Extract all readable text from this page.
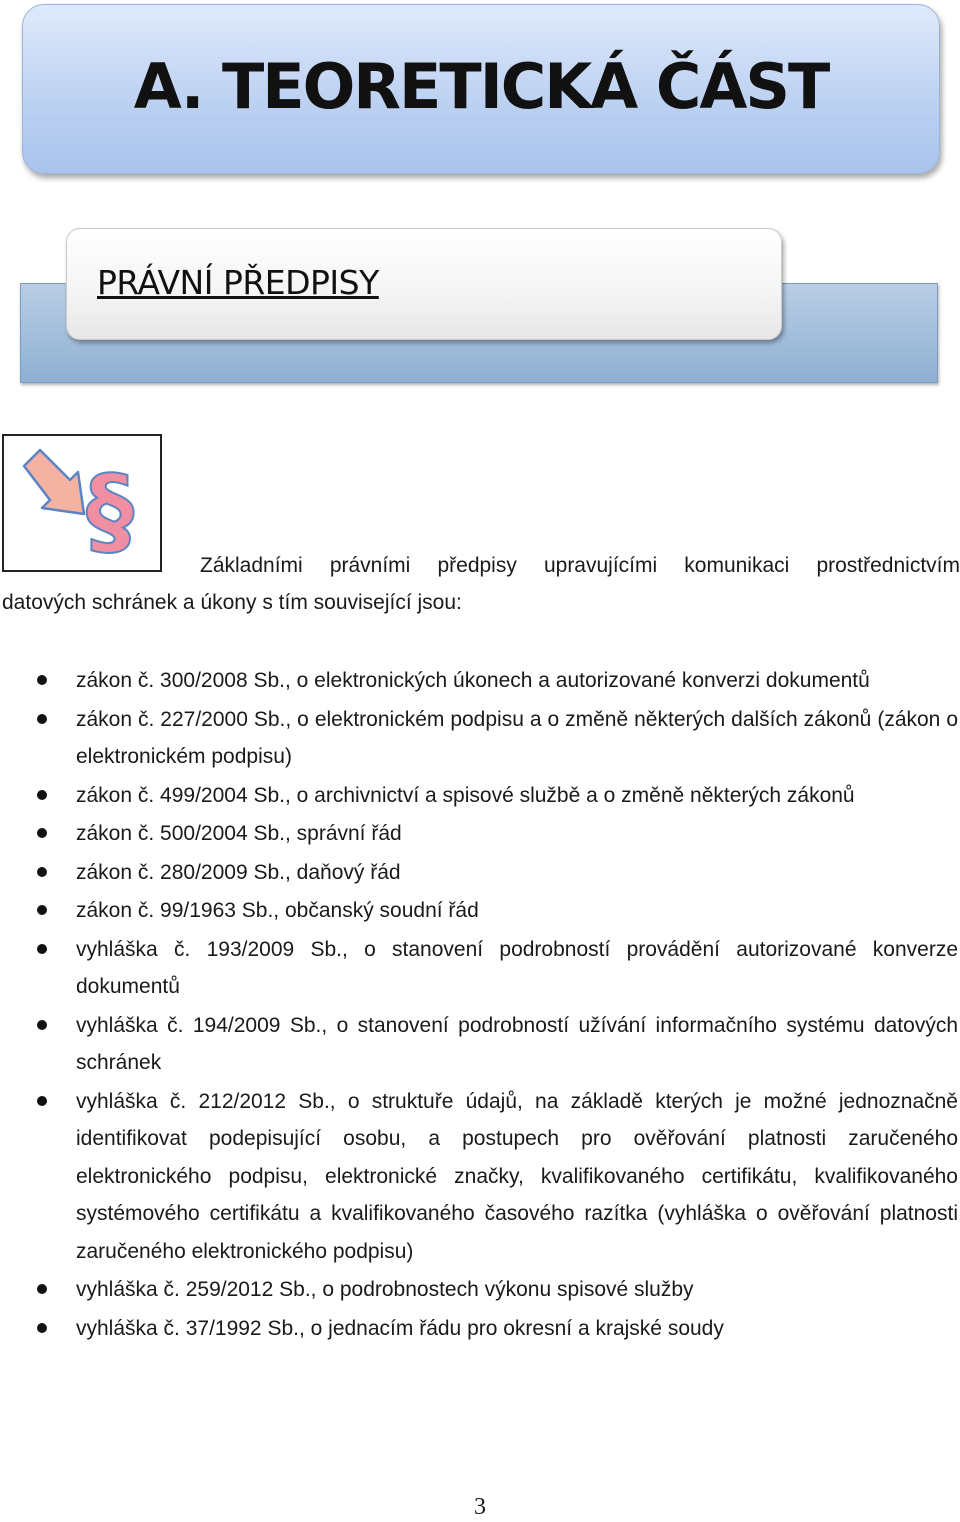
A. TEORETICKÁ ČÁST
PRÁVNÍ PŘEDPISY
§	Základními právními předpisy upravujícími komunikaci prostřednictvím
datových schránek a úkony s tím související jsou:
zákon č. 300/2008 Sb., o elektronických úkonech a autorizované konverzi dokumentů
zákon č. 227/2000 Sb., o elektronickém podpisu a o změně některých dalších zákonů (zákon o elektronickém podpisu)
zákon č. 499/2004 Sb., o archivnictví a spisové službě a o změně některých zákonů
zákon č. 500/2004 Sb., správní řád
zákon č. 280/2009 Sb., daňový řád
zákon č. 99/1963 Sb., občanský soudní řád
vyhláška č. 193/2009 Sb., o stanovení podrobností provádění autorizované konverze dokumentů
vyhláška č. 194/2009 Sb., o stanovení podrobností užívání informačního systému datových schránek
vyhláška č. 212/2012 Sb., o struktuře údajů, na základě kterých je možné jednoznačně identifikovat podepisující osobu, a postupech pro ověřování platnosti zaručeného elektronického podpisu, elektronické značky, kvalifikovaného certifikátu, kvalifikovaného systémového certifikátu a kvalifikovaného časového razítka (vyhláška o ověřování platnosti zaručeného elektronického podpisu)
vyhláška č. 259/2012 Sb., o podrobnostech výkonu spisové služby
vyhláška č. 37/1992 Sb., o jednacím řádu pro okresní a krajské soudy
3
